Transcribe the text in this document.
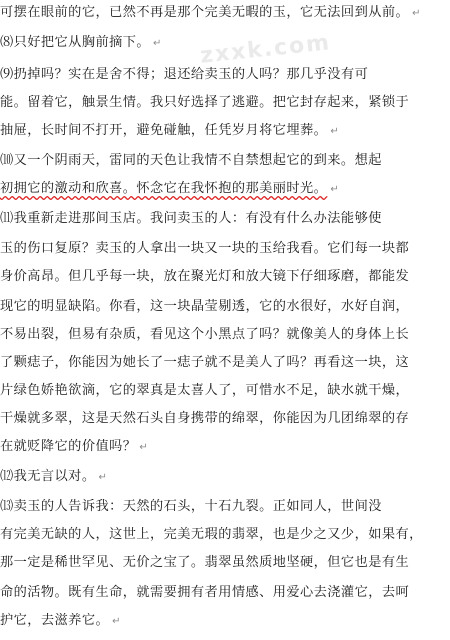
zxxk.com
可摆在眼前的它，已然不再是那个完美无暇的玉，它无法回到从前。 ↵
⑻只好把它从胸前摘下。 ↵
⑼扔掉吗？实在是舍不得；退还给卖玉的人吗？那几乎没有可
能。留着它，触景生情。我只好选择了逃避。把它封存起来，紧锁于
抽屉，长时间不打开，避免碰触，任凭岁月将它埋葬。 ↵
⑽又一个阴雨天，雷同的天色让我情不自禁想起它的到来。想起
初拥它的激动和欣喜。怀念它在我怀抱的那美丽时光。 ↵
⑾我重新走进那间玉店。我问卖玉的人：有没有什么办法能够使
玉的伤口复原？卖玉的人拿出一块又一块的玉给我看。它们每一块都
身价高昂。但几乎每一块，放在聚光灯和放大镜下仔细琢磨，都能发
现它的明显缺陷。你看，这一块晶莹剔透，它的水很好，水好自润，
不易出裂，但易有杂质，看见这个小黑点了吗？就像美人的身体上长
了颗痣子，你能因为她长了一痣子就不是美人了吗？再看这一块，这
片绿色娇艳欲滴，它的翠真是太喜人了，可惜水不足，缺水就干燥，
干燥就多翠，这是天然石头自身携带的绵翠，你能因为几团绵翠的存
在就贬降它的价值吗？ ↵
⑿我无言以对。 ↵
⒀卖玉的人告诉我：天然的石头，十石九裂。正如同人，世间没
有完美无缺的人，这世上，完美无瑕的翡翠，也是少之又少，如果有，
那一定是稀世罕见、无价之宝了。翡翠虽然质地坚硬，但它也是有生
命的活物。既有生命，就需要拥有者用情感、用爱心去浇灌它，去呵
护它，去滋养它。 ↵
